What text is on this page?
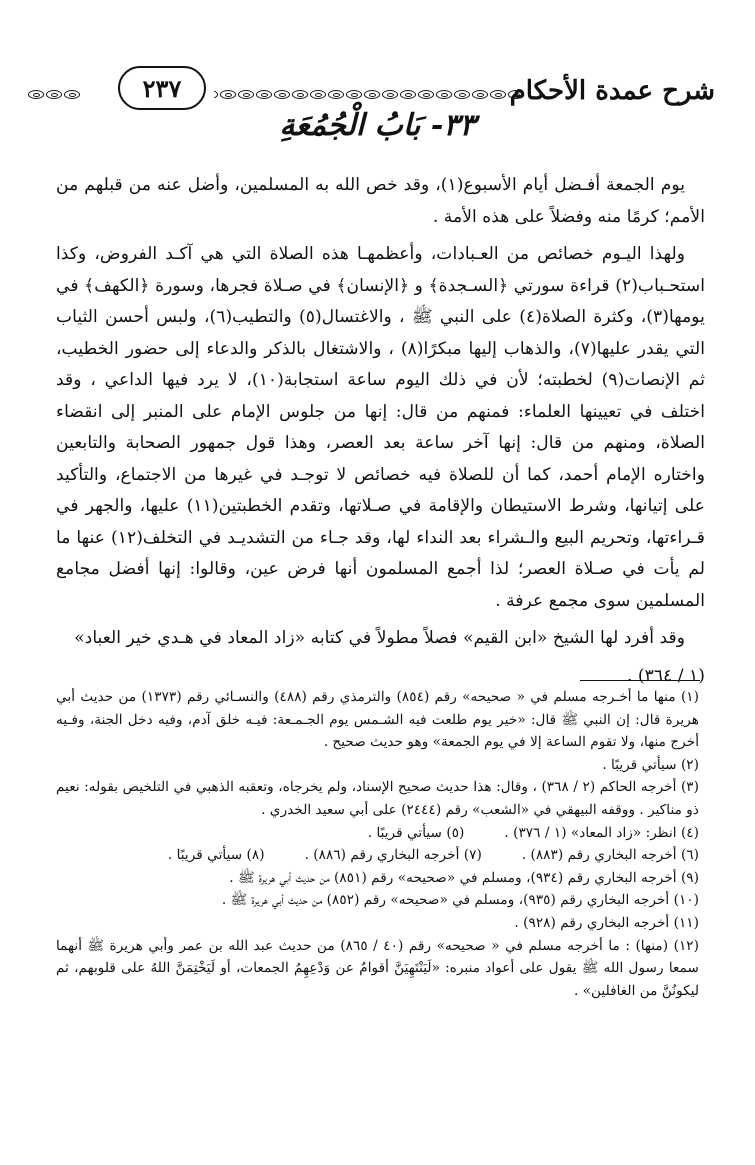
٢٣٧	شرح عمدة الأحكام
٣٣- بَابُ الْجُمُعَةِ

يوم الجمعة أفـضل أيام الأسبوع(١)، وقد خص الله به المسلمين، وأضل عنه من قبلهم من الأمم؛ كرمًا منه وفضلاً على هذه الأمة .

ولهذا اليـوم خصائص من العـبادات، وأعظمهـا هذه الصلاة التي هي آكـد الفروض، وكذا استحـباب(٢) قراءة سورتي ﴿السـجدة﴾ و ﴿الإنسان﴾ في صـلاة فجرها، وسورة ﴿الكهف﴾ في يومها(٣)، وكثرة الصلاة(٤) على النبي ﷺ ، والاغتسال(٥) والتطيب(٦)، ولبس أحسن الثياب التي يقدر عليها(٧)، والذهاب إليها مبكرًا(٨) ، والاشتغال بالذكر والدعاء إلى حضور الخطيب، ثم الإنصات(٩) لخطبته؛ لأن في ذلك اليوم ساعة استجابة(١٠)، لا يرد فيها الداعي ، وقد اختلف في تعيينها العلماء: فمنهم من قال: إنها من جلوس الإمام على المنبر إلى انقضاء الصلاة، ومنهم من قال: إنها آخر ساعة بعد العصر، وهذا قول جمهور الصحابة والتابعين واختاره الإمام أحمد، كما أن للصلاة فيه خصائص لا توجـد في غيرها من الاجتماع، والتأكيد على إتيانها، وشرط الاستيطان والإقامة في صـلاتها، وتقدم الخطبتين(١١) عليها، والجهر في قـراءتها، وتحريم البيع والـشراء بعد النداء لها، وقد جـاء من التشديـد في التخلف(١٢) عنها ما لم يأت في صـلاة العصر؛ لذا أجمع المسلمون أنها فرض عين، وقالوا: إنها أفضل مجامع المسلمين سوى مجمع عرفة .

وقد أفرد لها الشيخ «ابن القيم» فصلاً مطولاً في كتابه «زاد المعاد في هـدي خير العباد»

(١ / ٣٦٤) .

(١) منها ما أخـرجه مسلم في « صحيحه» رقم (٨٥٤) والترمذي رقم (٤٨٨) والنسـائي رقم (١٣٧٣) من حديث أبي هريرة قال: إن النبي ﷺ قال: «خير يوم طلعت فيه الشـمس يوم الجـمـعة: فيـه خلق آدم، وفيه دخل الجنة، وفـيه أخرج منها، ولا تقوم الساعة إلا في يوم الجمعة» وهو حديث صحيح .

(٢) سيأتي قريبًا .

(٣) أخرجه الحاكم (٢ / ٣٦٨) ، وقال: هذا حديث صحيح الإسناد، ولم يخرجاه، وتعقبه الذهبي في التلخيص بقوله: نعيم ذو مناكير . ووقفه البيهقي في «الشعب» رقم (٢٤٤٤) على أبي سعيد الخدري .

(٤) انظر: «زاد المعاد» (١ / ٣٧٦) .

(٥) سيأتي قريبًا .

(٦) أخرجه البخاري رقم (٨٨٣) .

(٧) أخرجه البخاري رقم (٨٨٦) .

(٨) سيأتي قريبًا .

(٩) أخرجه البخاري رقم (٩٣٤)، ومسلم في «صحيحه» رقم (٨٥١) من حديث أبي هريرة ﷺ .

(١٠) أخرجه البخاري رقم (٩٣٥)، ومسلم في «صحيحه» رقم (٨٥٢) من حديث أبي هريرة ﷺ .

(١١) أخرجه البخاري رقم (٩٢٨) .

(١٢) (منها) : ما أخرجه مسلم في « صحيحه» رقم (٤٠ / ٨٦٥) من حديث عبد الله بن عمر وأبي هريرة ﷺ أنهما سمعا رسول الله ﷺ يقول على أعواد منبره: «لَيَنْتَهِيَنَّ أقوامٌ عن وَدْعِهِمُ الجمعات، أو لَيَخْتِمَنَّ اللهُ على قلوبهم، ثم ليكونُنَّ من الغافلين» .
